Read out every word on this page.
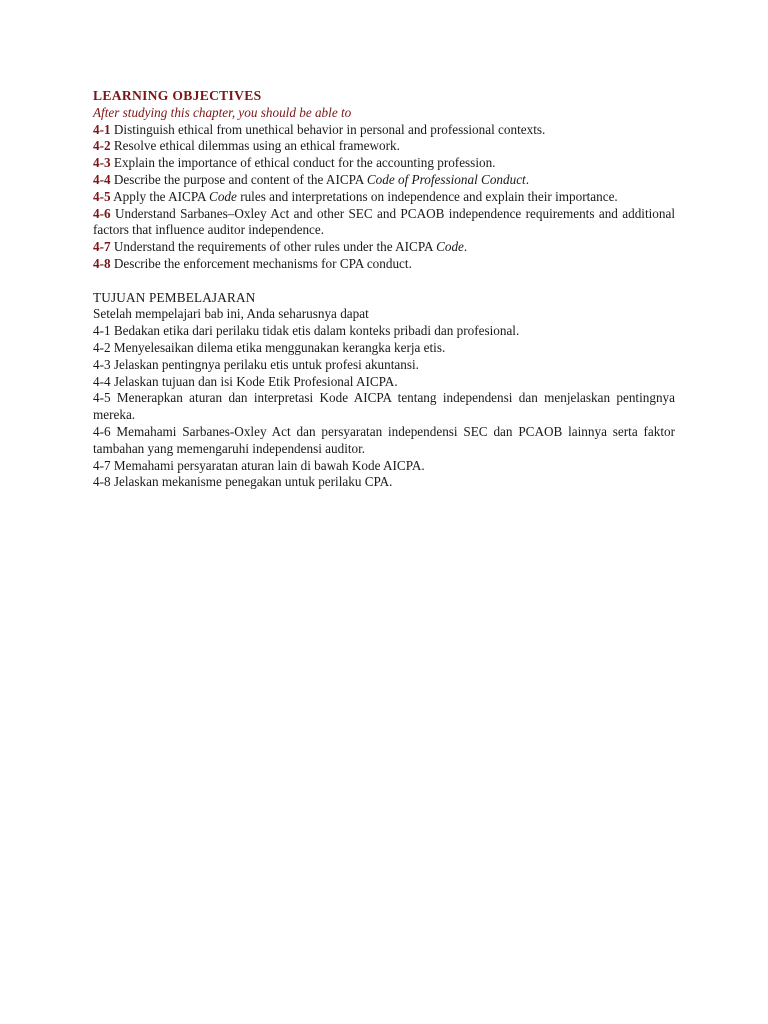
LEARNING OBJECTIVES
After studying this chapter, you should be able to
4-1 Distinguish ethical from unethical behavior in personal and professional contexts.
4-2 Resolve ethical dilemmas using an ethical framework.
4-3 Explain the importance of ethical conduct for the accounting profession.
4-4 Describe the purpose and content of the AICPA Code of Professional Conduct.
4-5 Apply the AICPA Code rules and interpretations on independence and explain their importance.
4-6 Understand Sarbanes–Oxley Act and other SEC and PCAOB independence requirements and additional factors that influence auditor independence.
4-7 Understand the requirements of other rules under the AICPA Code.
4-8 Describe the enforcement mechanisms for CPA conduct.
TUJUAN PEMBELAJARAN
Setelah mempelajari bab ini, Anda seharusnya dapat
4-1 Bedakan etika dari perilaku tidak etis dalam konteks pribadi dan profesional.
4-2 Menyelesaikan dilema etika menggunakan kerangka kerja etis.
4-3 Jelaskan pentingnya perilaku etis untuk profesi akuntansi.
4-4 Jelaskan tujuan dan isi Kode Etik Profesional AICPA.
4-5 Menerapkan aturan dan interpretasi Kode AICPA tentang independensi dan menjelaskan pentingnya mereka.
4-6 Memahami Sarbanes-Oxley Act dan persyaratan independensi SEC dan PCAOB lainnya serta faktor tambahan yang memengaruhi independensi auditor.
4-7 Memahami persyaratan aturan lain di bawah Kode AICPA.
4-8 Jelaskan mekanisme penegakan untuk perilaku CPA.
